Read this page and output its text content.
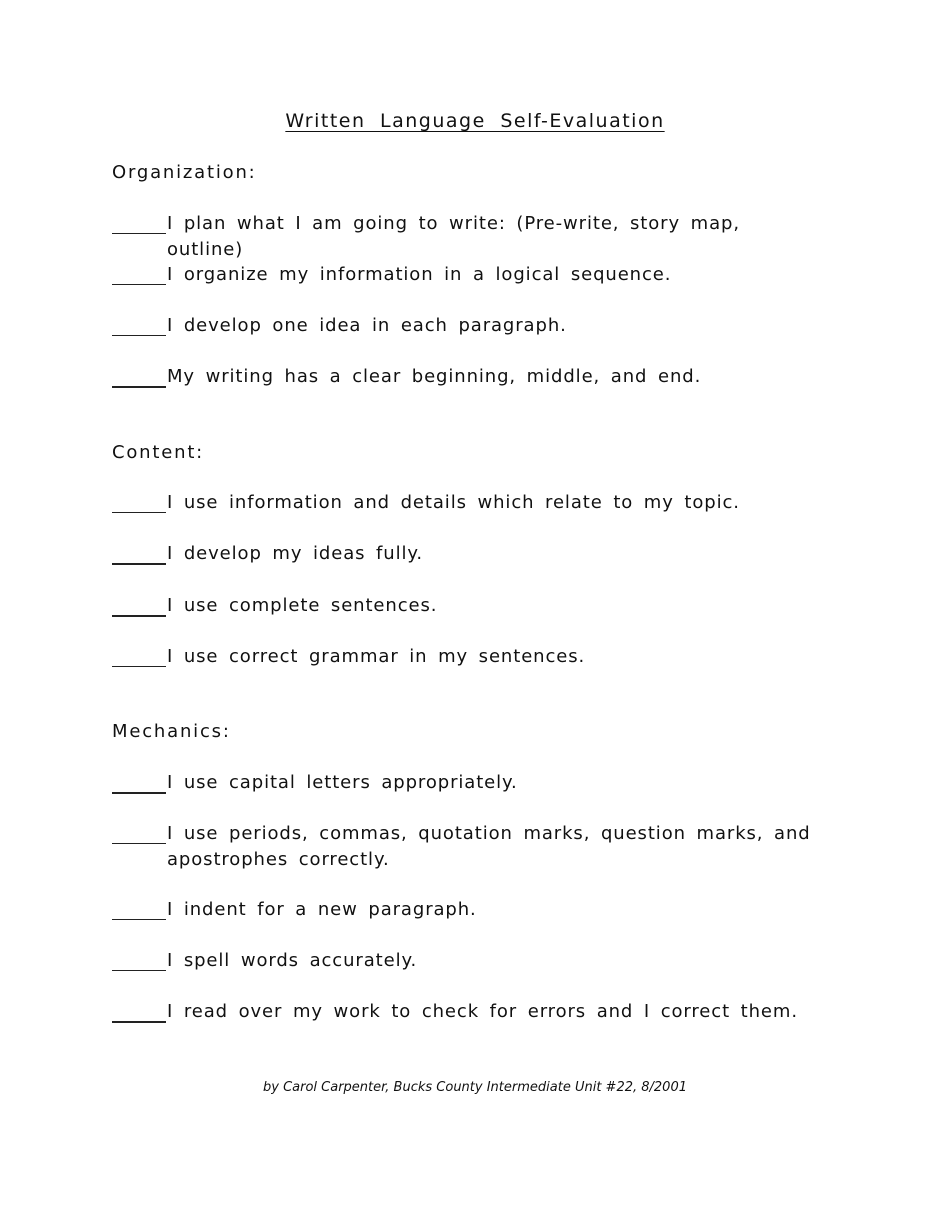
Written Language Self-Evaluation
Organization:
I plan what I am going to write: (Pre-write, story map, outline)
I organize my information in a logical sequence.
I develop one idea in each paragraph.
My writing has a clear beginning, middle, and end.
Content:
I use information and details which relate to my topic.
I develop my ideas fully.
I use complete sentences.
I use correct grammar in my sentences.
Mechanics:
I use capital letters appropriately.
I use periods, commas, quotation marks, question marks, and apostrophes correctly.
I indent for a new paragraph.
I spell words accurately.
I read over my work to check for errors and I correct them.
by Carol Carpenter, Bucks County Intermediate Unit #22, 8/2001
